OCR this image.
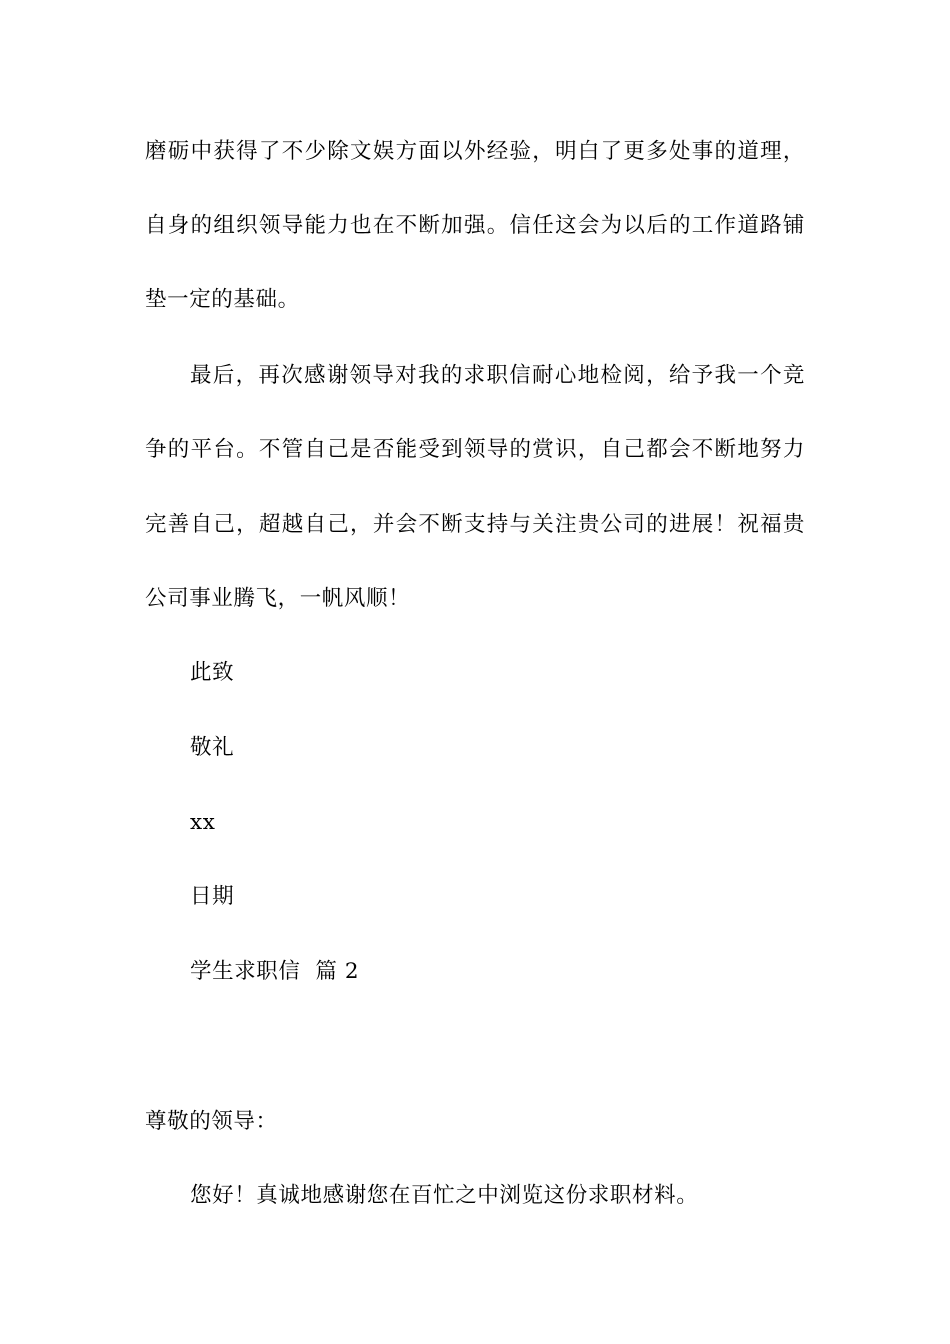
磨砺中获得了不少除文娱方面以外经验，明白了更多处事的道理，
自身的组织领导能力也在不断加强。信任这会为以后的工作道路铺
垫一定的基础。
最后，再次感谢领导对我的求职信耐心地检阅，给予我一个竞
争的平台。不管自己是否能受到领导的赏识，自己都会不断地努力
完善自己，超越自己，并会不断支持与关注贵公司的进展！祝福贵
公司事业腾飞，一帆风顺！
此致
敬礼
xx
日期
学生求职信  篇 2
尊敬的领导：
您好！真诚地感谢您在百忙之中浏览这份求职材料。
